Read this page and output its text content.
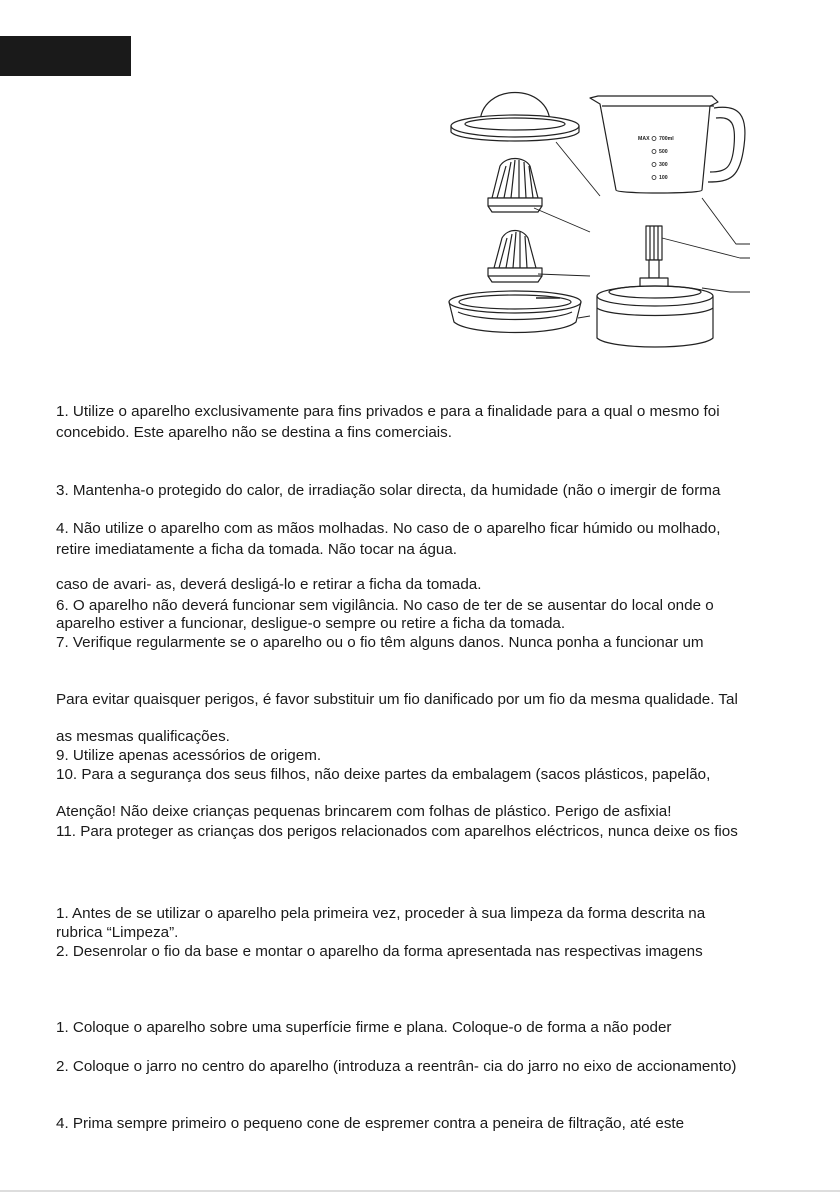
MAX 700ml
500
300
100
1. Utilize o aparelho exclusivamente para fins privados e para a finalidade para a qual o mesmo foi
concebido. Este aparelho não se destina a fins comerciais.
3. Mantenha-o protegido do calor, de irradiação solar directa, da humidade (não o imergir de forma
4. Não utilize o aparelho com as mãos molhadas. No caso de o aparelho ficar húmido ou molhado,
retire imediatamente a ficha da tomada. Não tocar na água.
caso de avari- as, deverá desligá-lo e retirar a ficha da tomada.
6. O aparelho não deverá funcionar sem vigilância. No caso de ter de se ausentar do local onde o
aparelho estiver a funcionar, desligue-o sempre ou retire a ficha da tomada.
7. Verifique regularmente se o aparelho ou o fio têm alguns danos. Nunca ponha a funcionar um
Para evitar quaisquer perigos, é favor substituir um fio danificado por um fio da mesma qualidade. Tal
as mesmas qualificações.
9. Utilize apenas acessórios de origem.
10. Para a segurança dos seus filhos, não deixe partes da embalagem (sacos plásticos, papelão,
Atenção! Não deixe crianças pequenas brincarem com folhas de plástico. Perigo de asfixia!
11. Para proteger as crianças dos perigos relacionados com aparelhos eléctricos, nunca deixe os fios
1. Antes de se utilizar o aparelho pela primeira vez, proceder à sua limpeza da forma descrita na
rubrica “Limpeza”.
2. Desenrolar o fio da base e montar o aparelho da forma apresentada nas respectivas imagens
1. Coloque o aparelho sobre uma superfície firme e plana. Coloque-o de forma a não poder
2. Coloque o jarro no centro do aparelho (introduza a reentrân- cia do jarro no eixo de accionamento)
4. Prima sempre primeiro o pequeno cone de espremer contra a peneira de filtração, até este
